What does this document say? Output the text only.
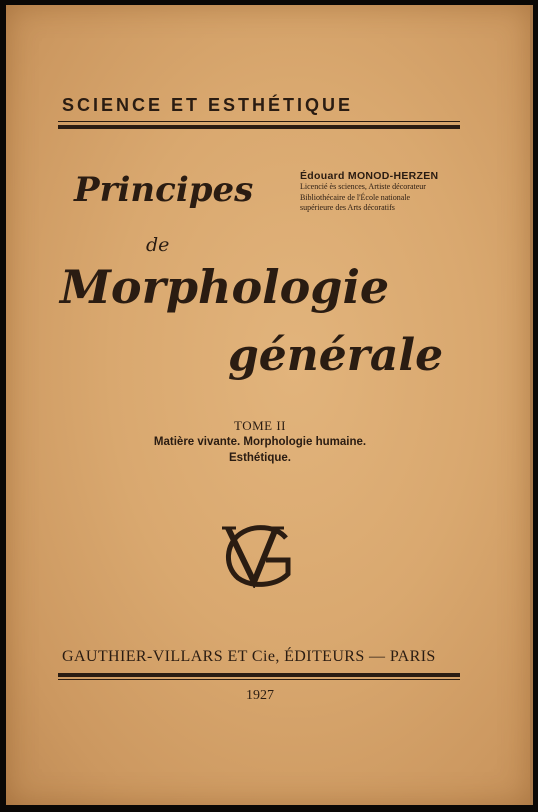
SCIENCE ET ESTHÉTIQUE
Édouard MONOD-HERZEN
Licencié ès sciences, Artiste décorateur
Bibliothécaire de l'École nationale
supérieure des Arts décoratifs
Principes
de
Morphologie
générale
TOME II
Matière vivante. Morphologie humaine.
Esthétique.
GAUTHIER-VILLARS ET Cie, ÉDITEURS — PARIS
1927
